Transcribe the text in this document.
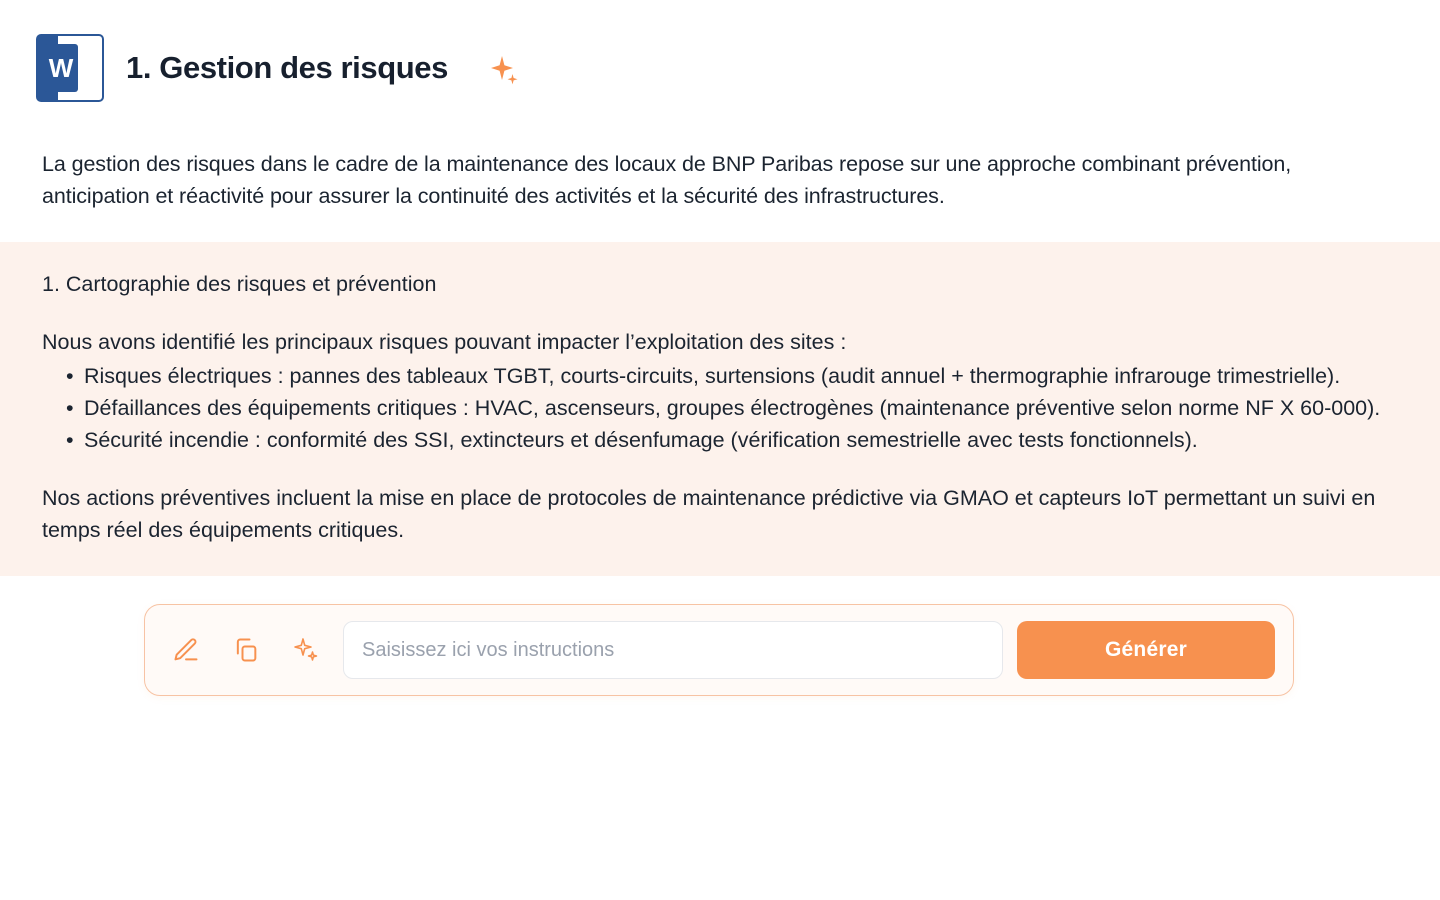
W 1. Gestion des risques

La gestion des risques dans le cadre de la maintenance des locaux de BNP Paribas repose sur une approche combinant prévention, anticipation et réactivité pour assurer la continuité des activités et la sécurité des infrastructures.

1. Cartographie des risques et prévention

Nous avons identifié les principaux risques pouvant impacter l’exploitation des sites :

• Risques électriques : pannes des tableaux TGBT, courts-circuits, surtensions (audit annuel + thermographie infrarouge trimestrielle).
• Défaillances des équipements critiques : HVAC, ascenseurs, groupes électrogènes (maintenance préventive selon norme NF X 60-000).
• Sécurité incendie : conformité des SSI, extincteurs et désenfumage (vérification semestrielle avec tests fonctionnels).

Nos actions préventives incluent la mise en place de protocoles de maintenance prédictive via GMAO et capteurs IoT permettant un suivi en temps réel des équipements critiques.

Saisissez ici vos instructions
Générer
